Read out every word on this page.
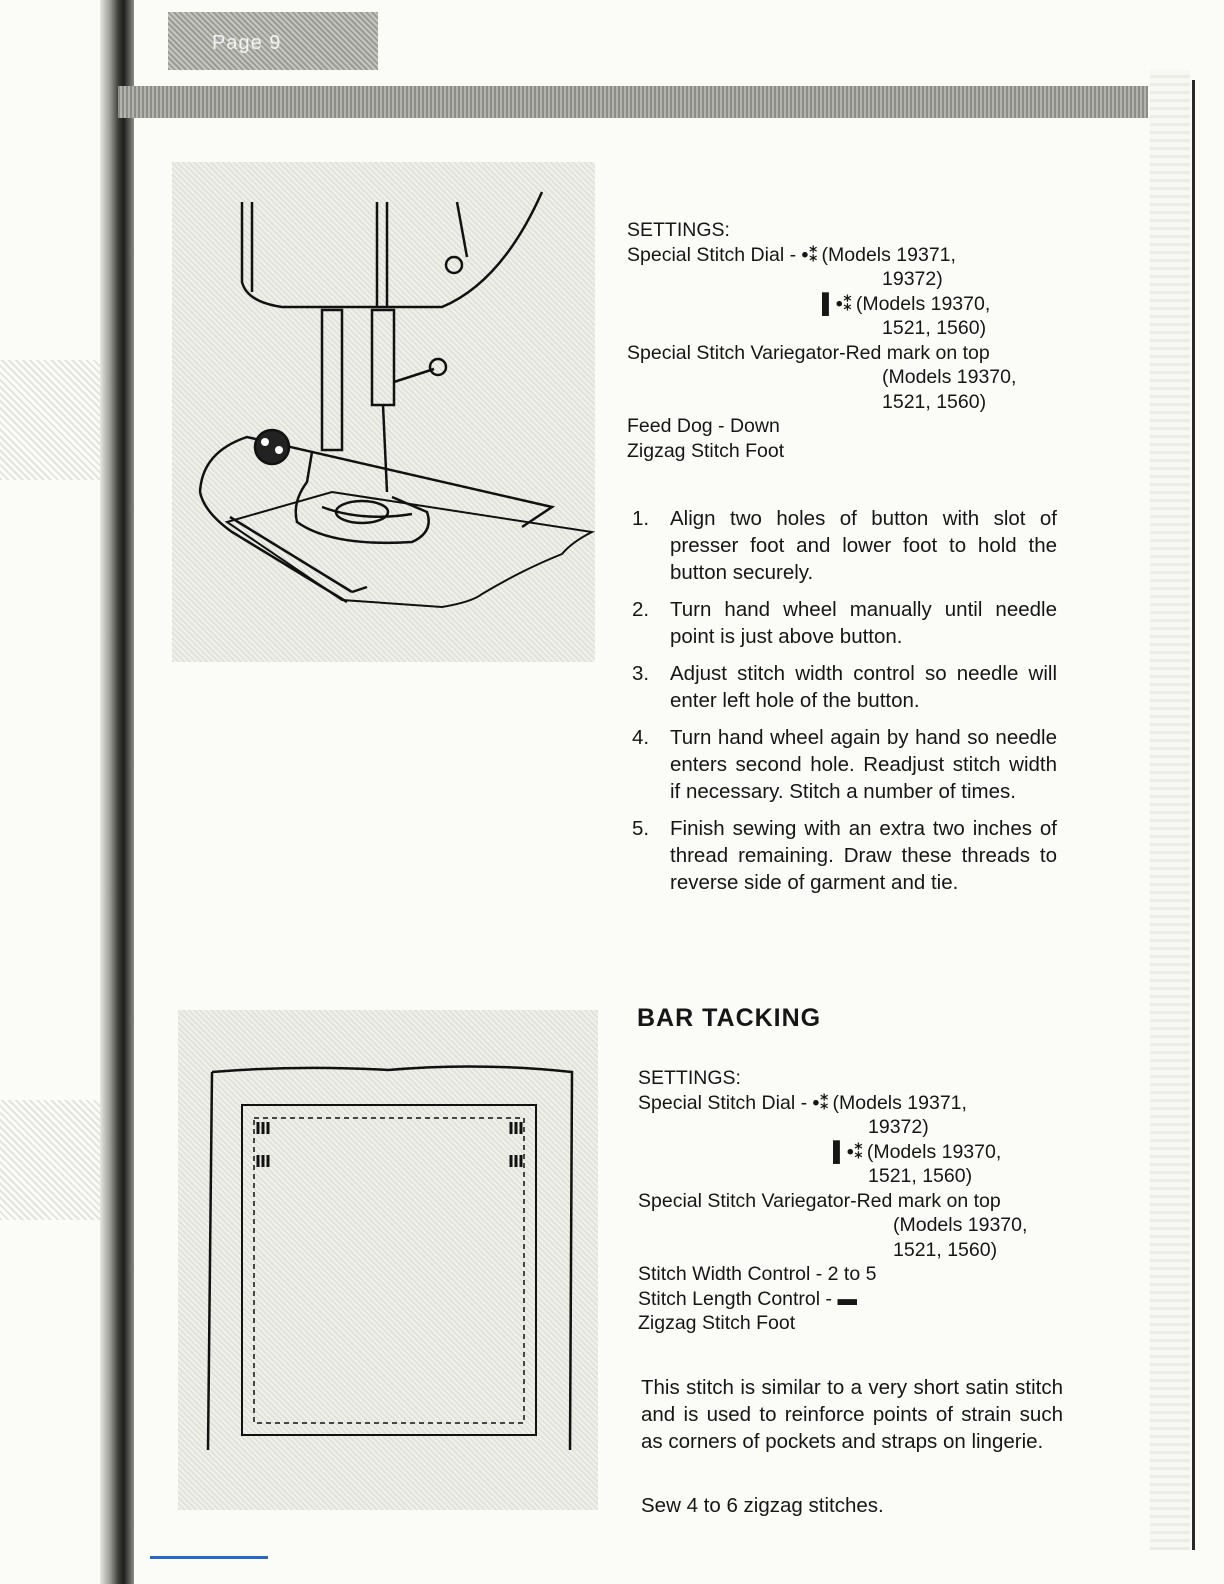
Page 9

SETTINGS:

Special Stitch Dial - •⁑ (Models 19371,

19372)

▌•⁑ (Models 19370,

1521, 1560)

Special Stitch Variegator-Red mark on top

(Models 19370,

1521, 1560)

Feed Dog - Down

Zigzag Stitch Foot

1.	Align two holes of button with slot of presser foot and lower foot to hold the button securely.
2.	Turn hand wheel manually until needle point is just above button.
3.	Adjust stitch width control so needle will enter left hole of the button.
4.	Turn hand wheel again by hand so needle enters second hole. Readjust stitch width if necessary. Stitch a number of times.
5.	Finish sewing with an extra two inches of thread remaining. Draw these threads to reverse side of garment and tie.
BAR TACKING

SETTINGS:

Special Stitch Dial - •⁑ (Models 19371,

19372)

▌•⁑ (Models 19370,

1521, 1560)

Special Stitch Variegator-Red mark on top

(Models 19370,

1521, 1560)

Stitch Width Control - 2 to 5

Stitch Length Control - ▬

Zigzag Stitch Foot

This stitch is similar to a very short satin stitch and is used to reinforce points of strain such as corners of pockets and straps on lingerie.

Sew 4 to 6 zigzag stitches.
